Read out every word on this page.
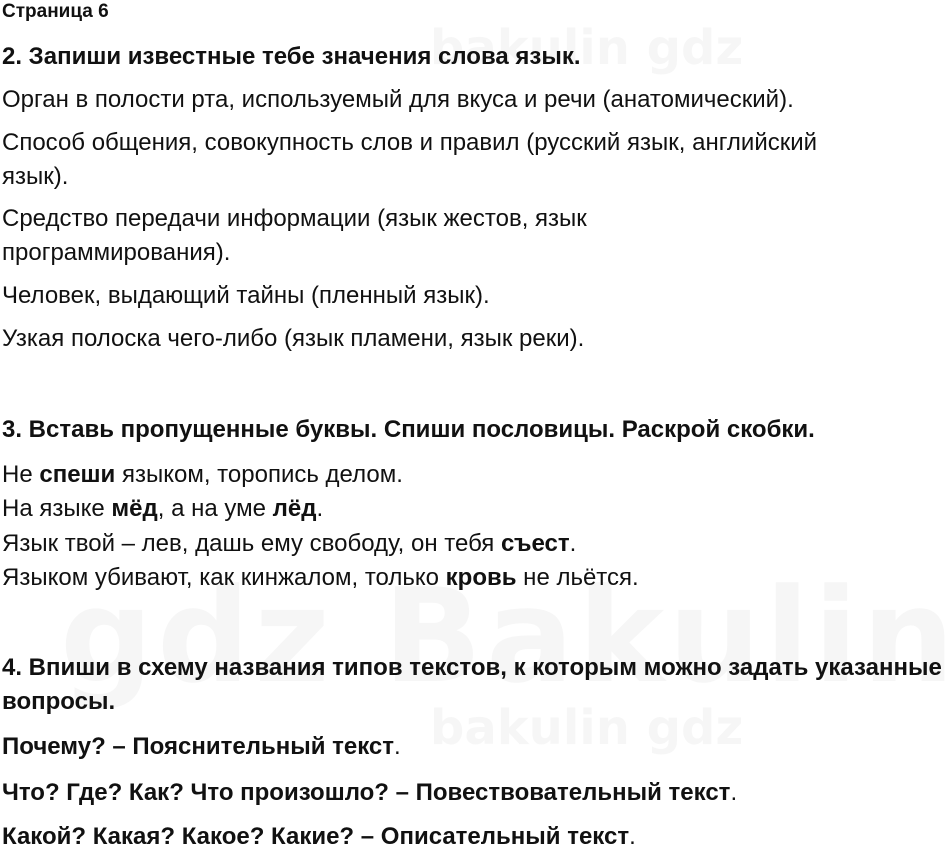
Страница 6
2. Запиши известные тебе значения слова язык.
Орган в полости рта, используемый для вкуса и речи (анатомический).
Способ общения, совокупность слов и правил (русский язык, английский язык).
Средство передачи информации (язык жестов, язык программирования).
Человек, выдающий тайны (пленный язык).
Узкая полоска чего-либо (язык пламени, язык реки).
3. Вставь пропущенные буквы. Спиши пословицы. Раскрой скобки.
Не спеши языком, торопись делом.
На языке мёд, а на уме лёд.
Язык твой – лев, дашь ему свободу, он тебя съест.
Языком убивают, как кинжалом, только кровь не льётся.
4. Впиши в схему названия типов текстов, к которым можно задать указанные вопросы.
Почему? – Пояснительный текст.
Что? Где? Как? Что произошло? – Повествовательный текст.
Какой? Какая? Какое? Какие? – Описательный текст.
